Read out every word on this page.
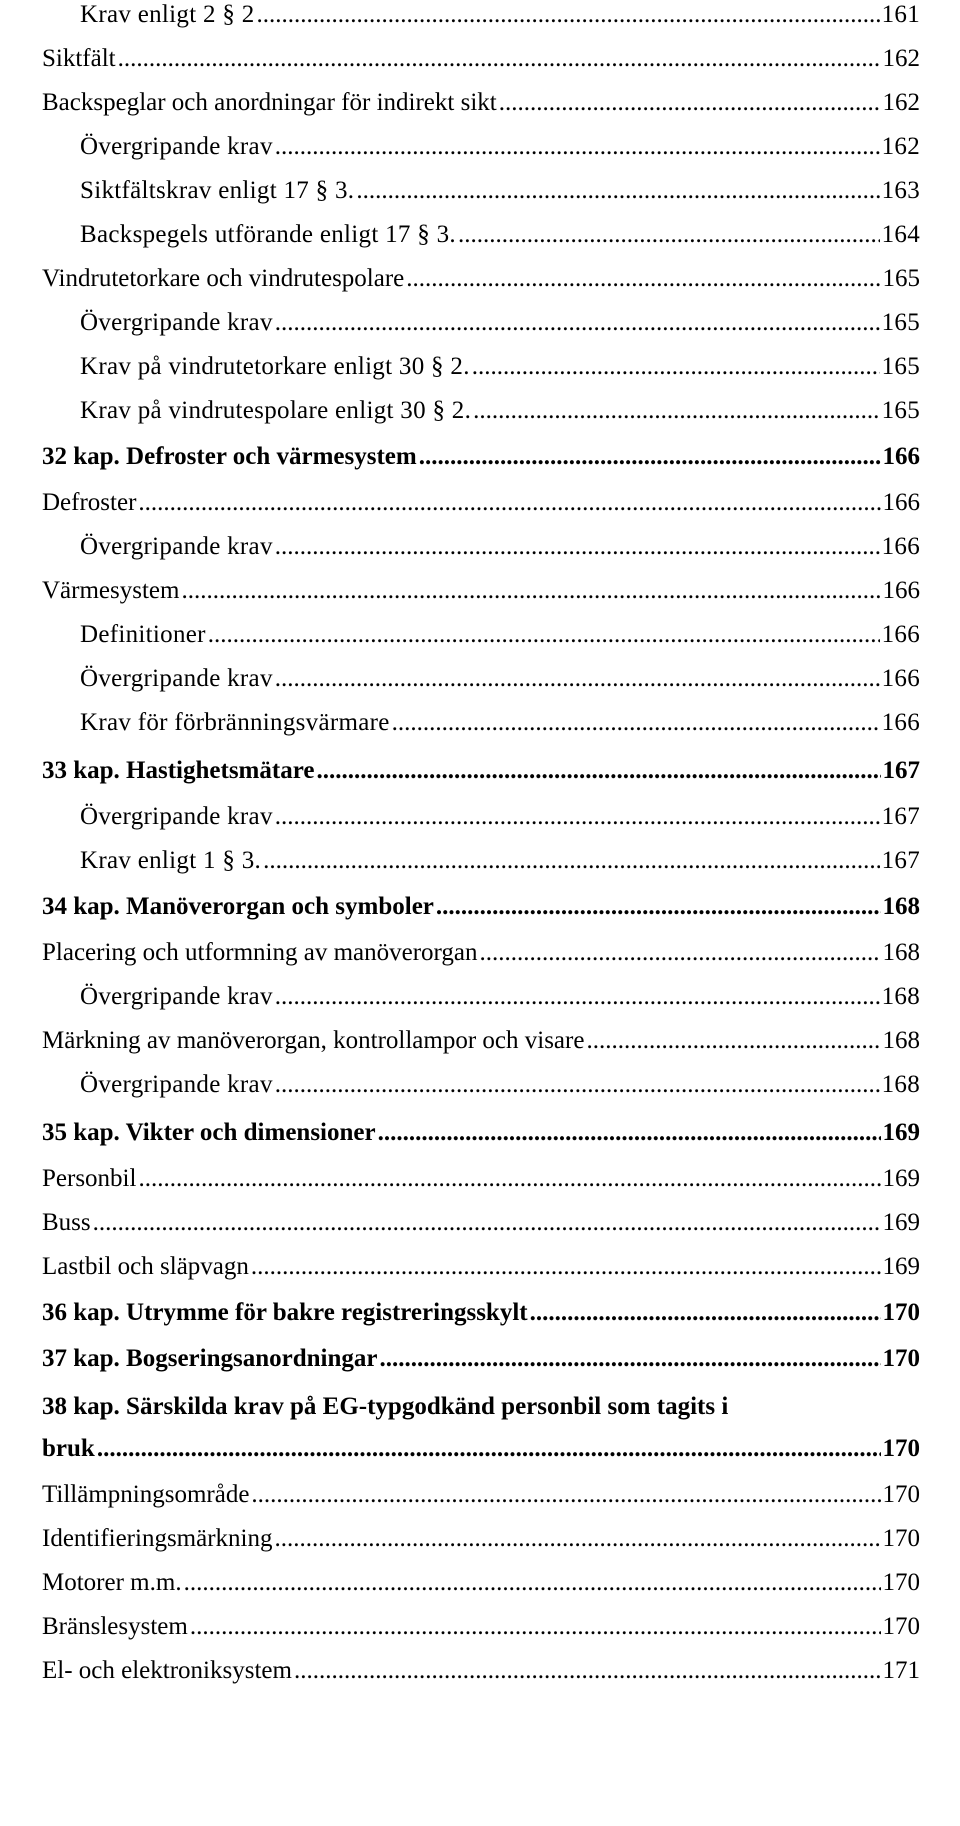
Krav enligt 2 § 2 .....	161
Siktfält .....	162
Backspeglar och anordningar för indirekt sikt .....	162
Övergripande krav .....	162
Siktfältskrav enligt 17 § 3. .....	163
Backspegels utförande enligt 17 § 3. .....	164
Vindrutetorkare och vindrutespolare .....	165
Övergripande krav .....	165
Krav på vindrutetorkare enligt 30 § 2. .....	165
Krav på vindrutespolare enligt 30 § 2. .....	165
32 kap. Defroster och värmesystem .....	166
Defroster .....	166
Övergripande krav .....	166
Värmesystem .....	166
Definitioner .....	166
Övergripande krav .....	166
Krav för förbränningsvärmare .....	166
33 kap. Hastighetsmätare .....	167
Övergripande krav .....	167
Krav enligt 1 § 3. .....	167
34 kap. Manöverorgan och symboler .....	168
Placering och utformning av manöverorgan .....	168
Övergripande krav .....	168
Märkning av manöverorgan, kontrollampor och visare .....	168
Övergripande krav .....	168
35 kap. Vikter och dimensioner .....	169
Personbil .....	169
Buss .....	169
Lastbil och släpvagn .....	169
36 kap. Utrymme för bakre registreringsskylt .....	170
37 kap. Bogseringsanordningar .....	170
38 kap. Särskilda krav på EG-typgodkänd personbil som tagits i
bruk .....	170
Tillämpningsområde .....	170
Identifieringsmärkning .....	170
Motorer m.m. .....	170
Bränslesystem .....	170
El- och elektroniksystem .....	171
